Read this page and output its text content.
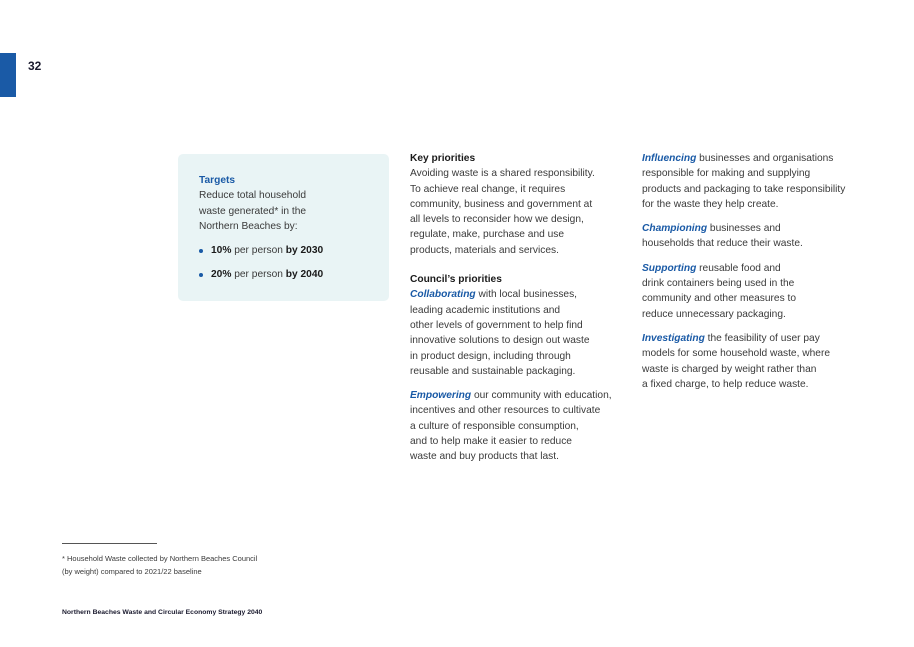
32
Targets
Reduce total household
waste generated* in the
Northern Beaches by:
10% per person by 2030
20% per person by 2040

Key priorities
Avoiding waste is a shared responsibility.
To achieve real change, it requires
community, business and government at
all levels to reconsider how we design,
regulate, make, purchase and use
products, materials and services.

Council’s priorities
Collaborating with local businesses,
leading academic institutions and
other levels of government to help find
innovative solutions to design out waste
in product design, including through
reusable and sustainable packaging.

Empowering our community with education,
incentives and other resources to cultivate
a culture of responsible consumption,
and to help make it easier to reduce
waste and buy products that last.

Influencing businesses and organisations
responsible for making and supplying
products and packaging to take responsibility
for the waste they help create.

Championing businesses and
households that reduce their waste.

Supporting reusable food and
drink containers being used in the
community and other measures to
reduce unnecessary packaging.

Investigating the feasibility of user pay
models for some household waste, where
waste is charged by weight rather than
a fixed charge, to help reduce waste.

* Household Waste collected by Northern Beaches Council
(by weight) compared to 2021/22 baseline
Northern Beaches Waste and Circular Economy Strategy 2040
